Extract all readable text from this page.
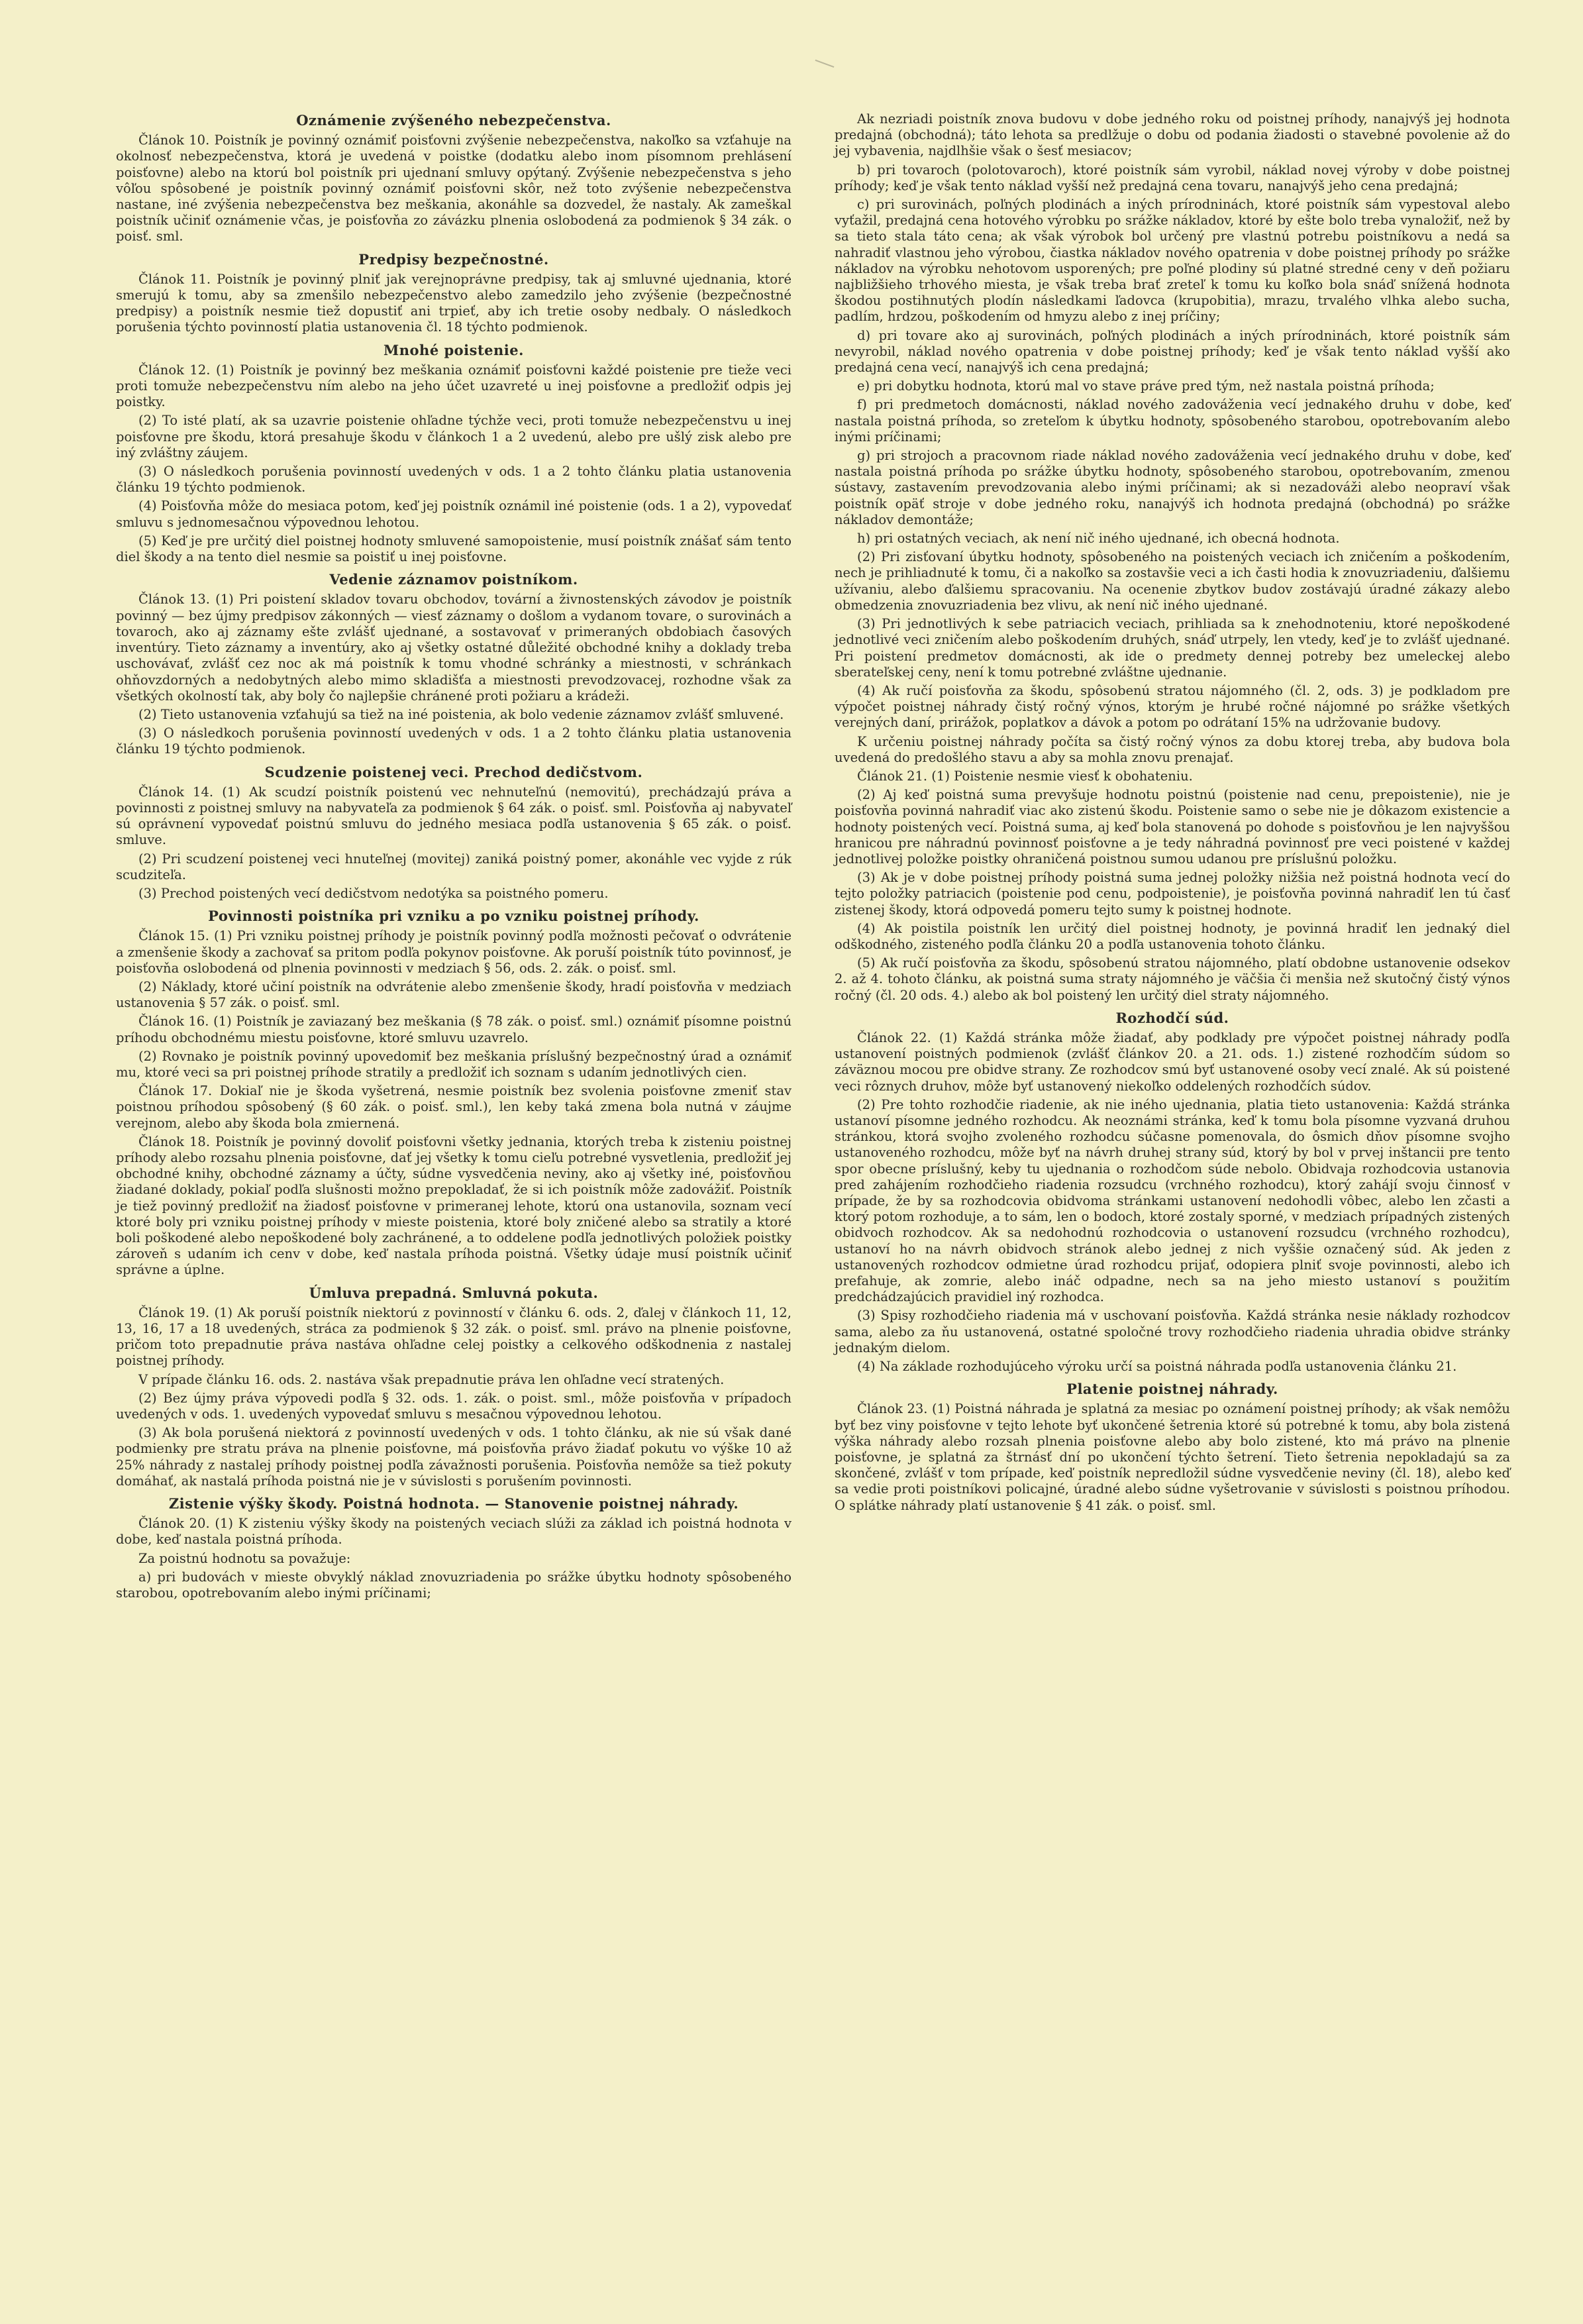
Oznámenie zvýšeného nebezpečenstva.

Článok 10. Poistník je povinný oznámiť poisťovni zvýšenie nebezpečenstva, nakoľko sa vzťahuje na okolnosť nebezpečenstva, ktorá je uvedená v poistke (dodatku alebo inom písomnom prehlásení poisťovne) alebo na ktorú bol poistník pri ujednaní smluvy opýtaný. Zvýšenie nebezpečenstva s jeho vôľou spôsobené je poistník povinný oznámiť poisťovni skôr, než toto zvýšenie nebezpečenstva nastane, iné zvýšenia nebezpečenstva bez meškania, akonáhle sa dozvedel, že nastaly. Ak zameškal poistník učiniť oznámenie včas, je poisťovňa zo závázku plnenia oslobodená za podmienok § 34 zák. o poisť. sml.

Predpisy bezpečnostné.

Článok 11. Poistník je povinný plniť jak verejnoprávne predpisy, tak aj smluvné ujednania, ktoré smerujú k tomu, aby sa zmenšilo nebezpečenstvo alebo zamedzilo jeho zvýšenie (bezpečnostné predpisy) a poistník nesmie tiež dopustiť ani trpieť, aby ich tretie osoby nedbaly. O následkoch porušenia týchto povinností platia ustanovenia čl. 18 týchto podmienok.

Mnohé poistenie.

Článok 12. (1) Poistník je povinný bez meškania oznámiť poisťovni každé poistenie pre tieže veci proti tomuže nebezpečenstvu ním alebo na jeho účet uzavreté u inej poisťovne a predložiť odpis jej poistky.

(2) To isté platí, ak sa uzavrie poistenie ohľadne týchže veci, proti tomuže nebezpečenstvu u inej poisťovne pre škodu, ktorá presahuje škodu v článkoch 1 a 2 uvedenú, alebo pre ušlý zisk alebo pre iný zvláštny záujem.

(3) O následkoch porušenia povinností uvedených v ods. 1 a 2 tohto článku platia ustanovenia článku 19 týchto podmienok.

(4) Poisťovňa môže do mesiaca potom, keď jej poistník oznámil iné poistenie (ods. 1 a 2), vypovedať smluvu s jednomesačnou výpovednou lehotou.

(5) Keď je pre určitý diel poistnej hodnoty smluvené samopoistenie, musí poistník znášať sám tento diel škody a na tento diel nesmie sa poistiť u inej poisťovne.

Vedenie záznamov poistníkom.

Článok 13. (1) Pri poistení skladov tovaru obchodov, tovární a živnostenských závodov je poistník povinný — bez újmy predpisov zákonných — viesť záznamy o došlom a vydanom tovare, o surovinách a tovaroch, ako aj záznamy ešte zvlášť ujednané, a sostavovať v primeraných obdobiach časových inventúry. Tieto záznamy a inventúry, ako aj všetky ostatné důležité obchodné knihy a doklady treba uschovávať, zvlášť cez noc ak má poistník k tomu vhodné schránky a miestnosti, v schránkach ohňovzdorných a nedobytných alebo mimo skladišťa a miestnosti prevodzovacej, rozhodne však za všetkých okolností tak, aby boly čo najlepšie chránené proti požiaru a krádeži.

(2) Tieto ustanovenia vzťahujú sa tiež na iné poistenia, ak bolo vedenie záznamov zvlášť smluvené.

(3) O následkoch porušenia povinností uvedených v ods. 1 a 2 tohto článku platia ustanovenia článku 19 týchto podmienok.

Scudzenie poistenej veci. Prechod dedičstvom.

Článok 14. (1) Ak scudzí poistník poistenú vec nehnuteľnú (nemovitú), prechádzajú práva a povinnosti z poistnej smluvy na nabyvateľa za podmienok § 64 zák. o poisť. sml. Poisťovňa aj nabyvateľ sú oprávnení vypovedať poistnú smluvu do jedného mesiaca podľa ustanovenia § 65 zák. o poisť. smluve.

(2) Pri scudzení poistenej veci hnuteľnej (movitej) zaniká poistný pomer, akonáhle vec vyjde z rúk scudziteľa.

(3) Prechod poistených vecí dedičstvom nedotýka sa poistného pomeru.

Povinnosti poistníka pri vzniku a po vzniku poistnej príhody.

Článok 15. (1) Pri vzniku poistnej príhody je poistník povinný podľa možnosti pečovať o odvrátenie a zmenšenie škody a zachovať sa pritom podľa pokynov poisťovne. Ak poruší poistník túto povinnosť, je poisťovňa oslobodená od plnenia povinnosti v medziach § 56, ods. 2. zák. o poisť. sml.

(2) Náklady, ktoré učiní poistník na odvrátenie alebo zmenšenie škody, hradí poisťovňa v medziach ustanovenia § 57 zák. o poisť. sml.

Článok 16. (1) Poistník je zaviazaný bez meškania (§ 78 zák. o poisť. sml.) oznámiť písomne poistnú príhodu obchodnému miestu poisťovne, ktoré smluvu uzavrelo.

(2) Rovnako je poistník povinný upovedomiť bez meškania príslušný bezpečnostný úrad a oznámiť mu, ktoré veci sa pri poistnej príhode stratily a predložiť ich soznam s udaním jednotlivých cien.

Článok 17. Dokiaľ nie je škoda vyšetrená, nesmie poistník bez svolenia poisťovne zmeniť stav poistnou príhodou spôsobený (§ 60 zák. o poisť. sml.), len keby taká zmena bola nutná v záujme verejnom, alebo aby škoda bola zmiernená.

Článok 18. Poistník je povinný dovoliť poisťovni všetky jednania, ktorých treba k zisteniu poistnej príhody alebo rozsahu plnenia poisťovne, dať jej všetky k tomu cieľu potrebné vysvetlenia, predložiť jej obchodné knihy, obchodné záznamy a účty, súdne vysvedčenia neviny, ako aj všetky iné, poisťovňou žiadané doklady, pokiaľ podľa slušnosti možno prepokladať, že si ich poistník môže zadovážiť. Poistník je tiež povinný predložiť na žiadosť poisťovne v primeranej lehote, ktorú ona ustanovila, soznam vecí ktoré boly pri vzniku poistnej príhody v mieste poistenia, ktoré boly zničené alebo sa stratily a ktoré boli poškodené alebo nepoškodené boly zachránené, a to oddelene podľa jednotlivých položiek poistky zároveň s udaním ich cenv v dobe, keď nastala príhoda poistná. Všetky údaje musí poistník učiniť správne a úplne.

Úmluva prepadná. Smluvná pokuta.

Článok 19. (1) Ak poruší poistník niektorú z povinností v článku 6. ods. 2, ďalej v článkoch 11, 12, 13, 16, 17 a 18 uvedených, stráca za podmienok § 32 zák. o poisť. sml. právo na plnenie poisťovne, pričom toto prepadnutie práva nastáva ohľadne celej poistky a celkového odškodnenia z nastalej poistnej príhody.

V prípade článku 16. ods. 2. nastáva však prepadnutie práva len ohľadne vecí stratených.

(2) Bez újmy práva výpovedi podľa § 32. ods. 1. zák. o poist. sml., môže poisťovňa v prípadoch uvedených v ods. 1. uvedených vypovedať smluvu s mesačnou výpovednou lehotou.

(3) Ak bola porušená niektorá z povinností uvedených v ods. 1 tohto článku, ak nie sú však dané podmienky pre stratu práva na plnenie poisťovne, má poisťovňa právo žiadať pokutu vo výške 10 až 25% náhrady z nastalej príhody poistnej podľa závažnosti porušenia. Poisťovňa nemôže sa tiež pokuty domáhať, ak nastalá príhoda poistná nie je v súvislosti s porušením povinnosti.

Zistenie výšky škody. Poistná hodnota. — Stanovenie poistnej náhrady.

Článok 20. (1) K zisteniu výšky škody na poistených veciach slúži za základ ich poistná hodnota v dobe, keď nastala poistná príhoda.

Za poistnú hodnotu sa považuje:

a) pri budovách v mieste obvyklý náklad znovuzriadenia po srážke úbytku hodnoty spôsobeného starobou, opotrebovaním alebo inými príčinami;

Ak nezriadi poistník znova budovu v dobe jedného roku od poistnej príhody, nanajvýš jej hodnota predajná (obchodná); táto lehota sa predlžuje o dobu od podania žiadosti o stavebné povolenie až do jej vybavenia, najdlhšie však o šesť mesiacov;

b) pri tovaroch (polotovaroch), ktoré poistník sám vyrobil, náklad novej výroby v dobe poistnej príhody; keď je však tento náklad vyšší než predajná cena tovaru, nanajvýš jeho cena predajná;

c) pri surovinách, poľných plodinách a iných prírodninách, ktoré poistník sám vypestoval alebo vyťažil, predajná cena hotového výrobku po srážke nákladov, ktoré by ešte bolo treba vynaložiť, než by sa tieto stala táto cena; ak však výrobok bol určený pre vlastnú potrebu poistníkovu a nedá sa nahradiť vlastnou jeho výrobou, čiastka nákladov nového opatrenia v dobe poistnej príhody po srážke nákladov na výrobku nehotovom usporených; pre poľné plodiny sú platné stredné ceny v deň požiaru najbližšieho trhového miesta, je však treba brať zreteľ k tomu ku koľko bola snáď snížená hodnota škodou postihnutých plodín následkami ľadovca (krupobitia), mrazu, trvalého vlhka alebo sucha, padlím, hrdzou, poškodením od hmyzu alebo z inej príčiny;

d) pri tovare ako aj surovinách, poľných plodinách a iných prírodninách, ktoré poistník sám nevyrobil, náklad nového opatrenia v dobe poistnej príhody; keď je však tento náklad vyšší ako predajná cena vecí, nanajvýš ich cena predajná;

e) pri dobytku hodnota, ktorú mal vo stave práve pred tým, než nastala poistná príhoda;

f) pri predmetoch domácnosti, náklad nového zadováženia vecí jednakého druhu v dobe, keď nastala poistná príhoda, so zreteľom k úbytku hodnoty, spôsobeného starobou, opotrebovaním alebo inými príčinami;

g) pri strojoch a pracovnom riade náklad nového zadováženia vecí jednakého druhu v dobe, keď nastala poistná príhoda po srážke úbytku hodnoty, spôsobeného starobou, opotrebovaním, zmenou sústavy, zastavením prevodzovania alebo inými príčinami; ak si nezadováži alebo neopraví však poistník opäť stroje v dobe jedného roku, nanajvýš ich hodnota predajná (obchodná) po srážke nákladov demontáže;

h) pri ostatných veciach, ak není nič iného ujednané, ich obecná hodnota.

(2) Pri zisťovaní úbytku hodnoty, spôsobeného na poistených veciach ich zničením a poškodením, nech je prihliadnuté k tomu, či a nakoľko sa zostavšie veci a ich časti hodia k znovuzriadeniu, ďalšiemu užívaniu, alebo ďalšiemu spracovaniu. Na ocenenie zbytkov budov zostávajú úradné zákazy alebo obmedzenia znovuzriadenia bez vlivu, ak není nič iného ujednané.

(3) Pri jednotlivých k sebe patriacich veciach, prihliada sa k znehodnoteniu, ktoré nepoškodené jednotlivé veci zničením alebo poškodením druhých, snáď utrpely, len vtedy, keď je to zvlášť ujednané. Pri poistení predmetov domácnosti, ak ide o predmety dennej potreby bez umeleckej alebo sberateľskej ceny, není k tomu potrebné zvláštne ujednanie.

(4) Ak ručí poisťovňa za škodu, spôsobenú stratou nájomného (čl. 2, ods. 3) je podkladom pre výpočet poistnej náhrady čistý ročný výnos, ktorým je hrubé ročné nájomné po srážke všetkých verejných daní, prirážok, poplatkov a dávok a potom po odrátaní 15% na udržovanie budovy.

K určeniu poistnej náhrady počíta sa čistý ročný výnos za dobu ktorej treba, aby budova bola uvedená do predošlého stavu a aby sa mohla znovu prenajať.

Článok 21. (1) Poistenie nesmie viesť k obohateniu.

(2) Aj keď poistná suma prevyšuje hodnotu poistnú (poistenie nad cenu, prepoistenie), nie je poisťovňa povinná nahradiť viac ako zistenú škodu. Poistenie samo o sebe nie je dôkazom existencie a hodnoty poistených vecí. Poistná suma, aj keď bola stanovená po dohode s poisťovňou je len najvyššou hranicou pre náhradnú povinnosť poisťovne a je tedy náhradná povinnosť pre veci poistené v každej jednotlivej položke poistky ohraničená poistnou sumou udanou pre príslušnú položku.

(3) Ak je v dobe poistnej príhody poistná suma jednej položky nižšia než poistná hodnota vecí do tejto položky patriacich (poistenie pod cenu, podpoistenie), je poisťovňa povinná nahradiť len tú časť zistenej škody, ktorá odpovedá pomeru tejto sumy k poistnej hodnote.

(4) Ak poistila poistník len určitý diel poistnej hodnoty, je povinná hradiť len jednaký diel odškodného, zisteného podľa článku 20 a podľa ustanovenia tohoto článku.

(5) Ak ručí poisťovňa za škodu, spôsobenú stratou nájomného, platí obdobne ustanovenie odsekov 2. až 4. tohoto článku, ak poistná suma straty nájomného je väčšia či menšia než skutočný čistý výnos ročný (čl. 20 ods. 4.) alebo ak bol poistený len určitý diel straty nájomného.

Rozhodčí súd.

Článok 22. (1) Každá stránka môže žiadať, aby podklady pre výpočet poistnej náhrady podľa ustanovení poistných podmienok (zvlášť článkov 20. a 21. ods. 1.) zistené rozhodčím súdom so záväznou mocou pre obidve strany. Ze rozhodcov smú byť ustanovené osoby vecí znalé. Ak sú poistené veci rôznych druhov, môže byť ustanovený niekoľko oddelených rozhodčích súdov.

(2) Pre tohto rozhodčie riadenie, ak nie iného ujednania, platia tieto ustanovenia: Každá stránka ustanoví písomne jedného rozhodcu. Ak neoznámi stránka, keď k tomu bola písomne vyzvaná druhou stránkou, ktorá svojho zvoleného rozhodcu súčasne pomenovala, do ôsmich dňov písomne svojho ustanoveného rozhodcu, môže byť na návrh druhej strany súd, ktorý by bol v prvej inštancii pre tento spor obecne príslušný, keby tu ujednania o rozhodčom súde nebolo. Obidvaja rozhodcovia ustanovia pred zahájením rozhodčieho riadenia rozsudcu (vrchného rozhodcu), ktorý zahájí svoju činnosť v prípade, že by sa rozhodcovia obidvoma stránkami ustanovení nedohodli vôbec, alebo len zčasti a ktorý potom rozhoduje, a to sám, len o bodoch, ktoré zostaly sporné, v medziach prípadných zistených obidvoch rozhodcov. Ak sa nedohodnú rozhodcovia o ustanovení rozsudcu (vrchného rozhodcu), ustanoví ho na návrh obidvoch stránok alebo jednej z nich vyššie označený súd. Ak jeden z ustanovených rozhodcov odmietne úrad rozhodcu prijať, odopiera plniť svoje povinnosti, alebo ich prefahuje, ak zomrie, alebo ináč odpadne, nech sa na jeho miesto ustanoví s použitím predchádzajúcich pravidiel iný rozhodca.

(3) Spisy rozhodčieho riadenia má v uschovaní poisťovňa. Každá stránka nesie náklady rozhodcov sama, alebo za ňu ustanovená, ostatné spoločné trovy rozhodčieho riadenia uhradia obidve stránky jednakým dielom.

(4) Na základe rozhodujúceho výroku určí sa poistná náhrada podľa ustanovenia článku 21.

Platenie poistnej náhrady.

Článok 23. (1) Poistná náhrada je splatná za mesiac po oznámení poistnej príhody; ak však nemôžu byť bez viny poisťovne v tejto lehote byť ukončené šetrenia ktoré sú potrebné k tomu, aby bola zistená výška náhrady alebo rozsah plnenia poisťovne alebo aby bolo zistené, kto má právo na plnenie poisťovne, je splatná za štrnásť dní po ukončení týchto šetrení. Tieto šetrenia nepokladajú sa za skončené, zvlášť v tom prípade, keď poistník nepredložil súdne vysvedčenie neviny (čl. 18), alebo keď sa vedie proti poistníkovi policajné, úradné alebo súdne vyšetrovanie v súvislosti s poistnou príhodou. O splátke náhrady platí ustanovenie § 41 zák. o poisť. sml.
